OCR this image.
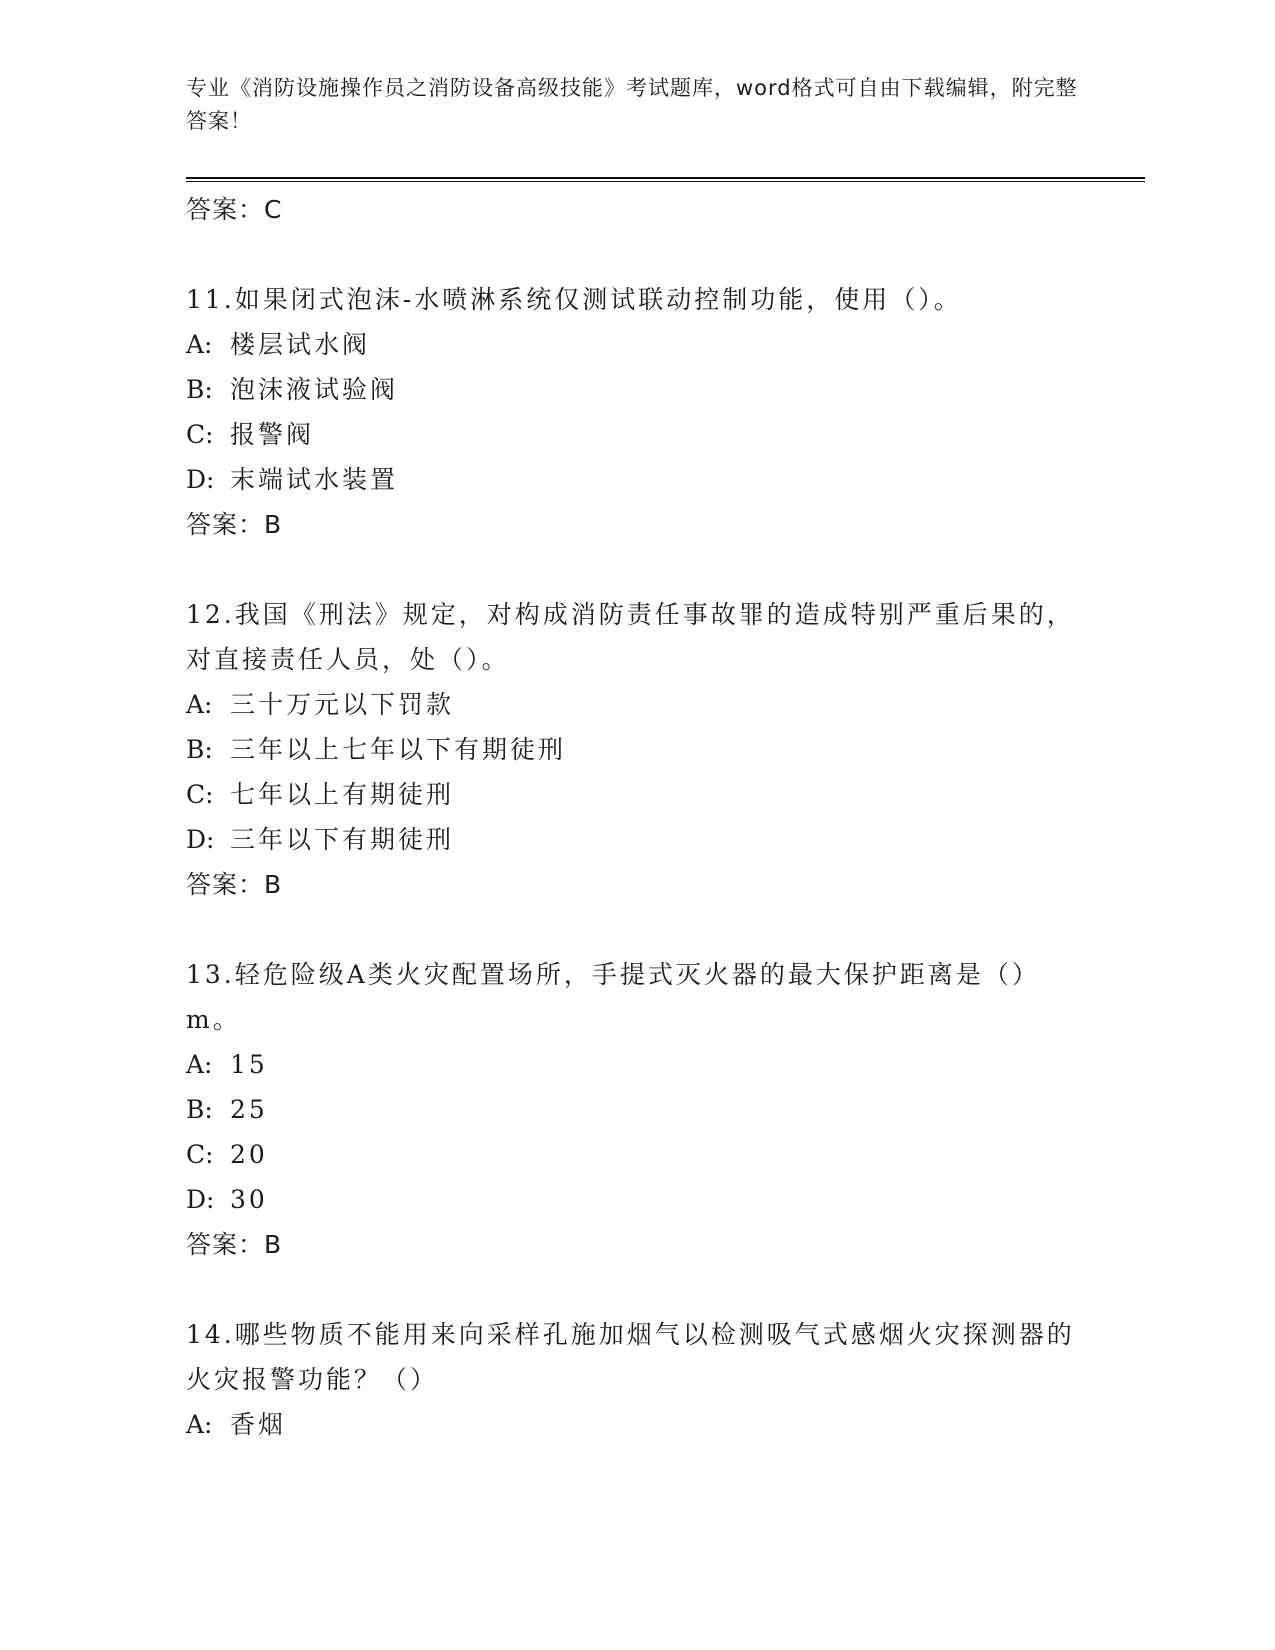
专业《消防设施操作员之消防设备高级技能》考试题库，word格式可自由下载编辑，附完整答案！
答案：C
11.如果闭式泡沫-水喷淋系统仅测试联动控制功能，使用（）。
A: 楼层试水阀
B: 泡沫液试验阀
C: 报警阀
D: 末端试水装置
答案：B
12.我国《刑法》规定，对构成消防责任事故罪的造成特别严重后果的，对直接责任人员，处（）。
A: 三十万元以下罚款
B: 三年以上七年以下有期徒刑
C: 七年以上有期徒刑
D: 三年以下有期徒刑
答案：B
13.轻危险级A类火灾配置场所，手提式灭火器的最大保护距离是（）m。
A: 15
B: 25
C: 20
D: 30
答案：B
14.哪些物质不能用来向采样孔施加烟气以检测吸气式感烟火灾探测器的火灾报警功能？（）
A: 香烟
